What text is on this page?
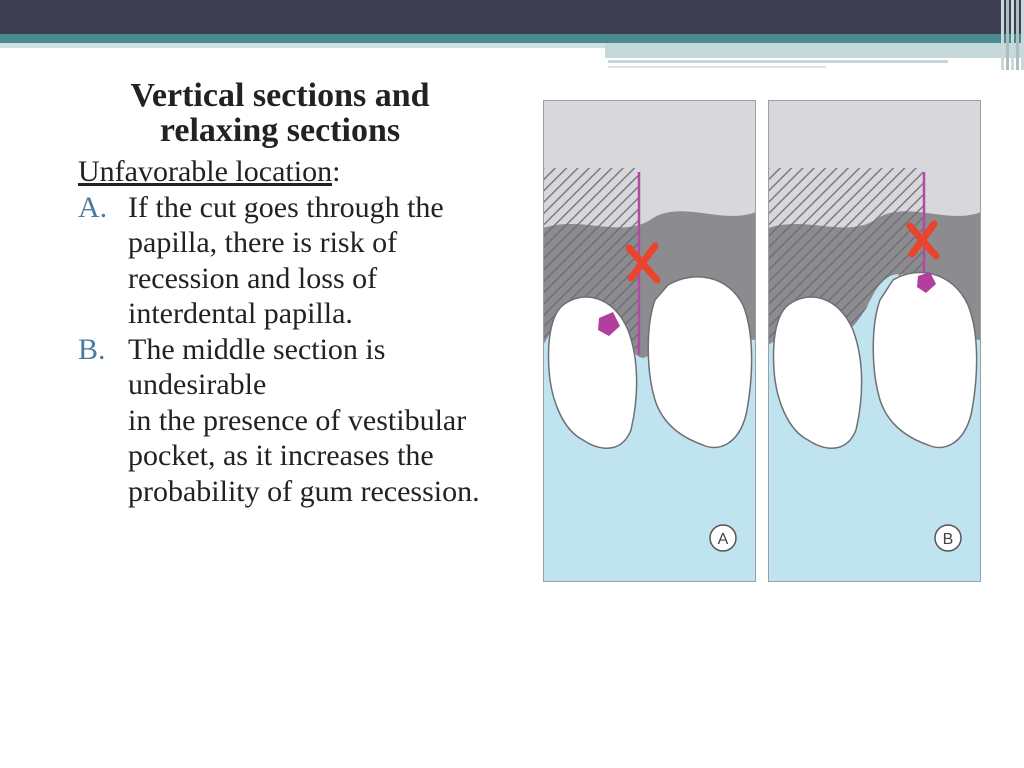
Vertical sections and relaxing sections
Unfavorable location:
A. If the cut goes through the papilla, there is risk of recession and loss of interdental papilla.

B. The middle section is undesirable

in the presence of vestibular pocket, as it increases the probability of gum recession.

A	B
